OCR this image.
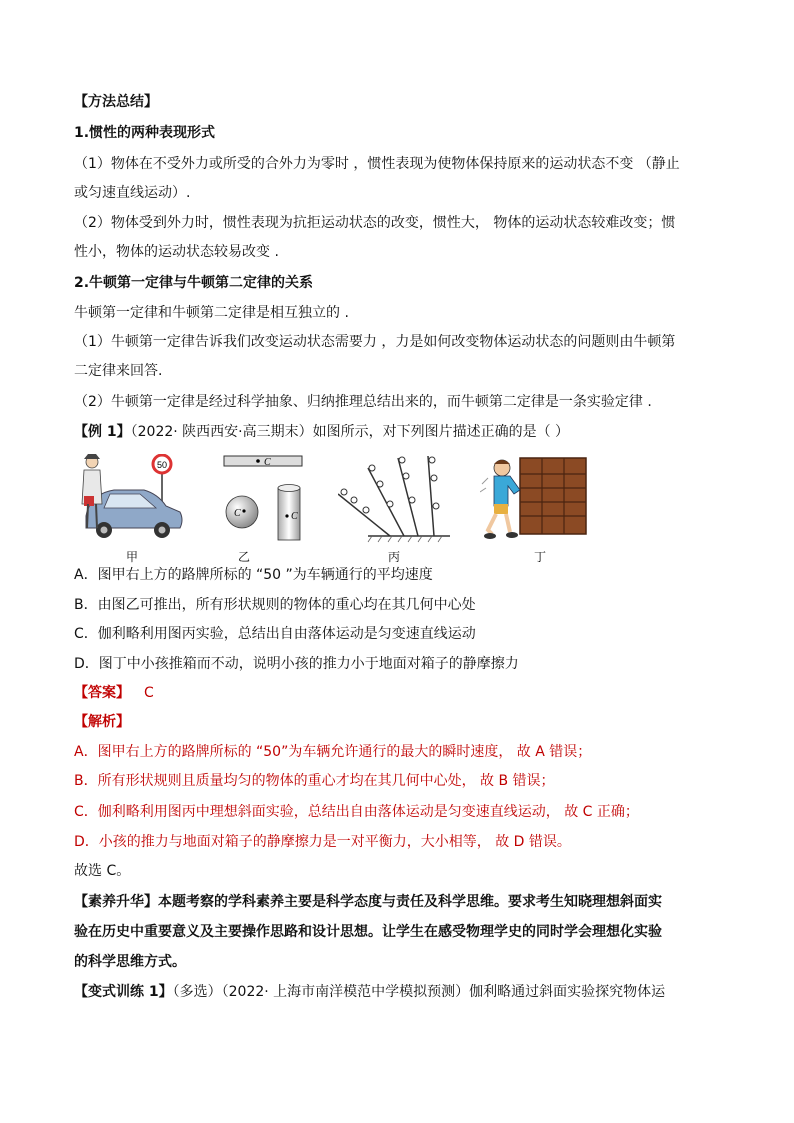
【方法总结】
1.惯性的两种表现形式
（1）物体在不受外力或所受的合外力为零时 ，惯性表现为使物体保持原来的运动状态不变 （静止
或匀速直线运动）.
（2）物体受到外力时，惯性表现为抗拒运动状态的改变，惯性大， 物体的运动状态较难改变；惯
性小，物体的运动状态较易改变 .
2.牛顿第一定律与牛顿第二定律的关系
牛顿第一定律和牛顿第二定律是相互独立的 .
（1）牛顿第一定律告诉我们改变运动状态需要力 ，力是如何改变物体运动状态的问题则由牛顿第
二定律来回答.
（2）牛顿第一定律是经过科学抽象、归纳推理总结出来的，而牛顿第二定律是一条实验定律 .
【例 1】（2022· 陕西西安·高三期末）如图所示，对下列图片描述正确的是（ ）
50
甲
C
C	C
乙	丙	丁
A．图甲右上方的路牌所标的 “50 ”为车辆通行的平均速度
B．由图乙可推出，所有形状规则的物体的重心均在其几何中心处
C．伽利略利用图丙实验，总结出自由落体运动是匀变速直线运动
D．图丁中小孩推箱而不动，说明小孩的推力小于地面对箱子的静摩擦力
【答案】 C
【解析】
A．图甲右上方的路牌所标的 “50”为车辆允许通行的最大的瞬时速度， 故 A 错误；
B．所有形状规则且质量均匀的物体的重心才均在其几何中心处， 故 B 错误；
C．伽利略利用图丙中理想斜面实验，总结出自由落体运动是匀变速直线运动， 故 C 正确；
D．小孩的推力与地面对箱子的静摩擦力是一对平衡力，大小相等， 故 D 错误。
故选 C。
【素养升华】本题考察的学科素养主要是科学态度与责任及科学思维。要求考生知晓理想斜面实
验在历史中重要意义及主要操作思路和设计思想。让学生在感受物理学史的同时学会理想化实验
的科学思维方式。
【变式训练 1】（多选）（2022· 上海市南洋模范中学模拟预测）伽利略通过斜面实验探究物体运
